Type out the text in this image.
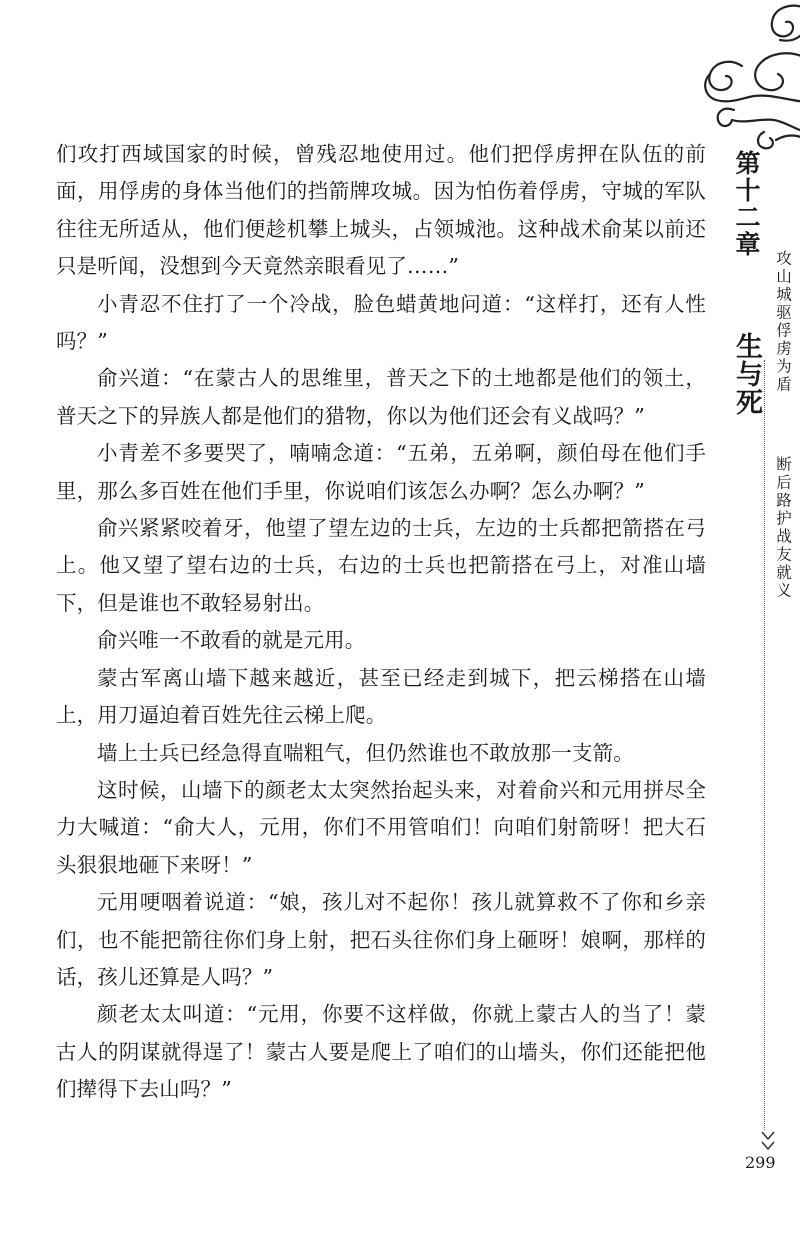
们攻打西域国家的时候，曾残忍地使用过。他们把俘虏押在队伍的前面，用俘虏的身体当他们的挡箭牌攻城。因为怕伤着俘虏，守城的军队往往无所适从，他们便趁机攀上城头，占领城池。这种战术俞某以前还只是听闻，没想到今天竟然亲眼看见了……”

小青忍不住打了一个冷战，脸色蜡黄地问道：“这样打，还有人性吗？”

俞兴道：“在蒙古人的思维里，普天之下的土地都是他们的领土，普天之下的异族人都是他们的猎物，你以为他们还会有义战吗？”

小青差不多要哭了，喃喃念道：“五弟，五弟啊，颜伯母在他们手里，那么多百姓在他们手里，你说咱们该怎么办啊？怎么办啊？”

俞兴紧紧咬着牙，他望了望左边的士兵，左边的士兵都把箭搭在弓上。他又望了望右边的士兵，右边的士兵也把箭搭在弓上，对准山墙下，但是谁也不敢轻易射出。

俞兴唯一不敢看的就是元用。

蒙古军离山墙下越来越近，甚至已经走到城下，把云梯搭在山墙上，用刀逼迫着百姓先往云梯上爬。

墙上士兵已经急得直喘粗气，但仍然谁也不敢放那一支箭。

这时候，山墙下的颜老太太突然抬起头来，对着俞兴和元用拼尽全力大喊道：“俞大人，元用，你们不用管咱们！向咱们射箭呀！把大石头狠狠地砸下来呀！”

元用哽咽着说道：“娘，孩儿对不起你！孩儿就算救不了你和乡亲们，也不能把箭往你们身上射，把石头往你们身上砸呀！娘啊，那样的话，孩儿还算是人吗？”

颜老太太叫道：“元用，你要不这样做，你就上蒙古人的当了！蒙古人的阴谋就得逞了！蒙古人要是爬上了咱们的山墙头，你们还能把他们撵得下去山吗？”

第十二章
生与死 攻山城驱俘虏为盾
断后路护战友就义
299
